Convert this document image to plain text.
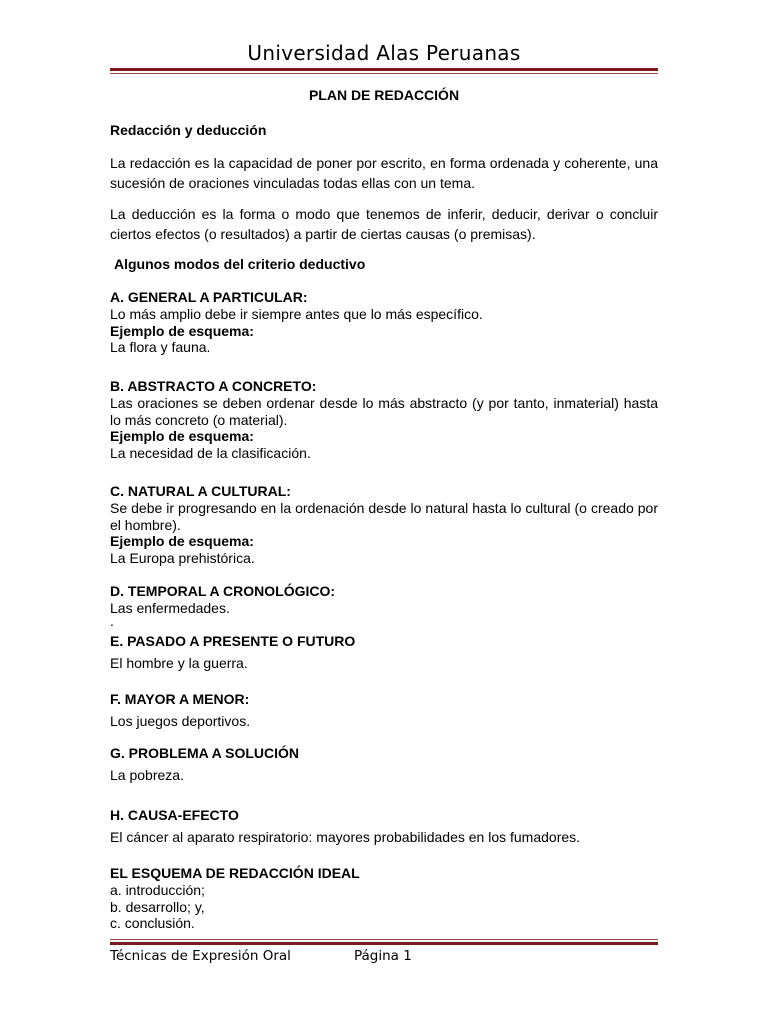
Universidad Alas Peruanas
PLAN DE REDACCIÓN
Redacción y deducción

La redacción es la capacidad de poner por escrito, en forma ordenada y coherente, una sucesión de oraciones vinculadas todas ellas con un tema.

La deducción es la forma o modo que tenemos de inferir, deducir, derivar o concluir ciertos efectos (o resultados) a partir de ciertas causas (o premisas).

Algunos modos del criterio deductivo
A. GENERAL A PARTICULAR:

Lo más amplio debe ir siempre antes que lo más específico.

Ejemplo de esquema:
La flora y fauna.
B. ABSTRACTO A CONCRETO:

Las oraciones se deben ordenar desde lo más abstracto (y por tanto, inmaterial) hasta lo más concreto (o material).

Ejemplo de esquema:
La necesidad de la clasificación.
C. NATURAL A CULTURAL:

Se debe ir progresando en la ordenación desde lo natural hasta lo cultural (o creado por el hombre).

Ejemplo de esquema:
La Europa prehistórica.
D. TEMPORAL A CRONOLÓGICO:
Las enfermedades.
.
E. PASADO A PRESENTE O FUTURO
El hombre y la guerra.
F. MAYOR A MENOR:
Los juegos deportivos.
G. PROBLEMA A SOLUCIÓN
La pobreza.
H. CAUSA-EFECTO
El cáncer al aparato respiratorio: mayores probabilidades en los fumadores.
EL ESQUEMA DE REDACCIÓN IDEAL
a. introducción;
b. desarrollo; y,
c. conclusión.
Técnicas de Expresión Oral	Página 1
